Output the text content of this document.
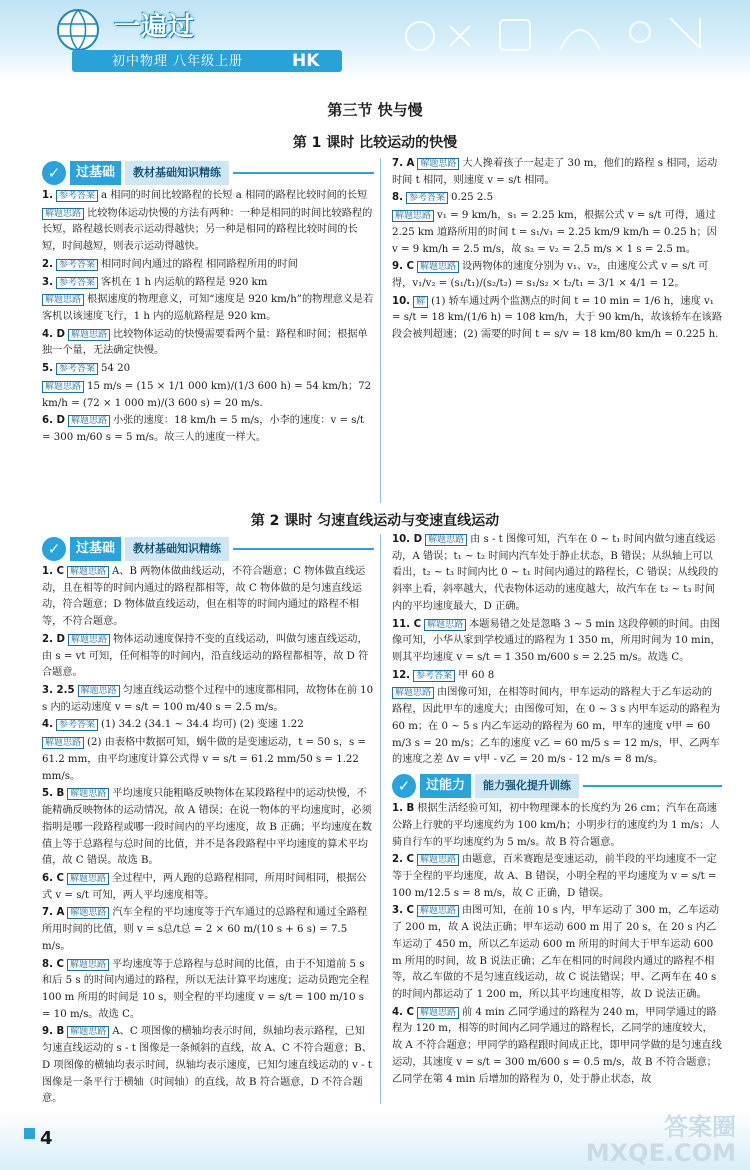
一遍过
初中物理 八年级上册	HK
第三节 快与慢
第 1 课时 比较运动的快慢
✓	过基础	教材基础知识精练
1. 参考答案 a 相同的时间比较路程的长短 a 相同的路程比较时间的长短
解题思路 比较物体运动快慢的方法有两种：一种是相同的时间比较路程的长短，路程越长则表示运动得越快；另一种是相同的路程比较时间的长短，时间越短，则表示运动得越快。
2. 参考答案 相同时间内通过的路程 相同路程所用的时间
3. 参考答案 客机在 1 h 内运航的路程是 920 km
解题思路 根据速度的物理意义，可知“速度是 920 km/h”的物理意义是若客机以该速度飞行，1 h 内的巡航路程是 920 km。
4. D 解题思路 比较物体运动的快慢需要看两个量：路程和时间；根据单独一个量，无法确定快慢。
5. 参考答案 54 20
解题思路 15 m/s = (15 × 1/1 000 km)/(1/3 600 h) = 54 km/h；72 km/h = (72 × 1 000 m)/(3 600 s) = 20 m/s.
6. D 解题思路 小张的速度：18 km/h = 5 m/s，小李的速度：v = s/t = 300 m/60 s = 5 m/s。故三人的速度一样大。
7. A 解题思路 大人搀着孩子一起走了 30 m，他们的路程 s 相同，运动时间 t 相同，则速度 v = s/t 相同。
8. 参考答案 0.25 2.5
解题思路 v₁ = 9 km/h，s₁ = 2.25 km，根据公式 v = s/t 可得，通过 2.25 km 道路所用的时间 t = s₁/v₁ = 2.25 km/9 km/h = 0.25 h；因 v = 9 km/h = 2.5 m/s，故 s₂ = v₂ = 2.5 m/s × 1 s = 2.5 m。
9. C 解题思路 设两物体的速度分别为 v₁、v₂，由速度公式 v = s/t 可得，v₁/v₂ = (s₁/t₁)/(s₂/t₂) = s₁/s₂ × t₂/t₁ = 3/1 × 4/1 = 12。
10. 解 (1) 轿车通过两个监测点的时间 t = 10 min = 1/6 h，速度 v₁ = s/t = 18 km/(1/6 h) = 108 km/h，大于 90 km/h，故该轿车在该路段会被判超速；(2) 需要的时间 t = s/v = 18 km/80 km/h = 0.225 h.
第 2 课时 匀速直线运动与变速直线运动
✓	过基础	教材基础知识精练
1. C 解题思路 A、B 两物体做曲线运动，不符合题意；C 物体做直线运动，且在相等的时间内通过的路程都相等，故 C 物体做的是匀速直线运动，符合题意；D 物体做直线运动，但在相等的时间内通过的路程不相等，不符合题意。
2. D 解题思路 物体运动速度保持不变的直线运动，叫做匀速直线运动，由 s = vt 可知，任何相等的时间内，沿直线运动的路程都相等，故 D 符合题意。
3. 2.5 解题思路 匀速直线运动整个过程中的速度都相同，故物体在前 10 s 内的运动速度 v = s/t = 100 m/40 s = 2.5 m/s。
4. 参考答案 (1) 34.2 (34.1 ~ 34.4 均可) (2) 变速 1.22
解题思路 (2) 由表格中数据可知，蜗牛做的是变速运动，t = 50 s，s = 61.2 mm，由平均速度计算公式得 v = s/t = 61.2 mm/50 s = 1.22 mm/s。
5. B 解题思路 平均速度只能粗略反映物体在某段路程中的运动快慢，不能精确反映物体的运动情况，故 A 错误；在说一物体的平均速度时，必须指明是哪一段路程或哪一段时间内的平均速度，故 B 正确；平均速度在数值上等于总路程与总时间的比值，并不是各段路程中平均速度的算术平均值，故 C 错误。故选 B。
6. C 解题思路 全过程中，两人跑的总路程相同，所用时间相同，根据公式 v = s/t 可知，两人平均速度相等。
7. A 解题思路 汽车全程的平均速度等于汽车通过的总路程和通过全路程所用时间的比值，则 v = s总/t总 = 2 × 60 m/(10 s + 6 s) = 7.5 m/s。
8. C 解题思路 平均速度等于总路程与总时间的比值，由于不知道前 5 s 和后 5 s 的时间内通过的路程，所以无法计算平均速度；运动员跑完全程 100 m 所用的时间是 10 s，则全程的平均速度 v = s/t = 100 m/10 s = 10 m/s。故选 C。
9. B 解题思路 A、C 项图像的横轴均表示时间，纵轴均表示路程，已知匀速直线运动的 s - t 图像是一条倾斜的直线，故 A、C 不符合题意；B、D 项图像的横轴均表示时间，纵轴均表示速度，已知匀速直线运动的 v - t 图像是一条平行于横轴（时间轴）的直线，故 B 符合题意，D 不符合题意。
10. D 解题思路 由 s - t 图像可知，汽车在 0 ~ t₁ 时间内做匀速直线运动，A 错误；t₁ ~ t₂ 时间内汽车处于静止状态，B 错误；从纵轴上可以看出，t₂ ~ t₃ 时间内比 0 ~ t₁ 时间内通过的路程长，C 错误；从线段的斜率上看，斜率越大，代表物体运动的速度越大，故汽车在 t₂ ~ t₃ 时间内的平均速度最大，D 正确。
11. C 解题思路 本题易错之处是忽略 3 ~ 5 min 这段停顿的时间。由图像可知，小华从家到学校通过的路程为 1 350 m，所用时间为 10 min，则其平均速度 v = s/t = 1 350 m/600 s = 2.25 m/s。故选 C。
12. 参考答案 甲 60 8
解题思路 由图像可知，在相等时间内，甲车运动的路程大于乙车运动的路程，因此甲车的速度大；由图像可知，在 0 ~ 3 s 内甲车运动的路程为 60 m；在 0 ~ 5 s 内乙车运动的路程为 60 m，甲车的速度 v甲 = 60 m/3 s = 20 m/s；乙车的速度 v乙 = 60 m/5 s = 12 m/s，甲、乙两车的速度之差 Δv = v甲 - v乙 = 20 m/s - 12 m/s = 8 m/s。
✓	过能力	能力强化提升训练
1. B 根据生活经验可知，初中物理课本的长度约为 26 cm；汽车在高速公路上行驶的平均速度约为 100 km/h；小明步行的速度约为 1 m/s；人骑自行车的平均速度约为 5 m/s。故 B 符合题意。
2. C 解题思路 由题意，百米赛跑是变速运动，前半段的平均速度不一定等于全程的平均速度，故 A、B 错误，小明全程的平均速度为 v = s/t = 100 m/12.5 s = 8 m/s，故 C 正确，D 错误。
3. C 解题思路 由图可知，在前 10 s 内，甲车运动了 300 m，乙车运动了 200 m，故 A 说法正确；甲车运动 600 m 用了 20 s，在 20 s 内乙车运动了 450 m，所以乙车运动 600 m 所用的时间大于甲车运动 600 m 所用的时间，故 B 说法正确；乙车在相同的时间段内通过的路程不相等，故乙车做的不是匀速直线运动，故 C 说法错误；甲、乙两车在 40 s 的时间内都运动了 1 200 m，所以其平均速度相等，故 D 说法正确。
4. C 解题思路 前 4 min 乙同学通过的路程为 240 m，甲同学通过的路程为 120 m，相等的时间内乙同学通过的路程长，乙同学的速度较大，故 A 不符合题意；甲同学的路程跟时间成正比，即甲同学做的是匀速直线运动，其速度 v = s/t = 300 m/600 s = 0.5 m/s，故 B 不符合题意；乙同学在第 4 min 后增加的路程为 0，处于静止状态，故
4	答案圈
MXQE.COM
